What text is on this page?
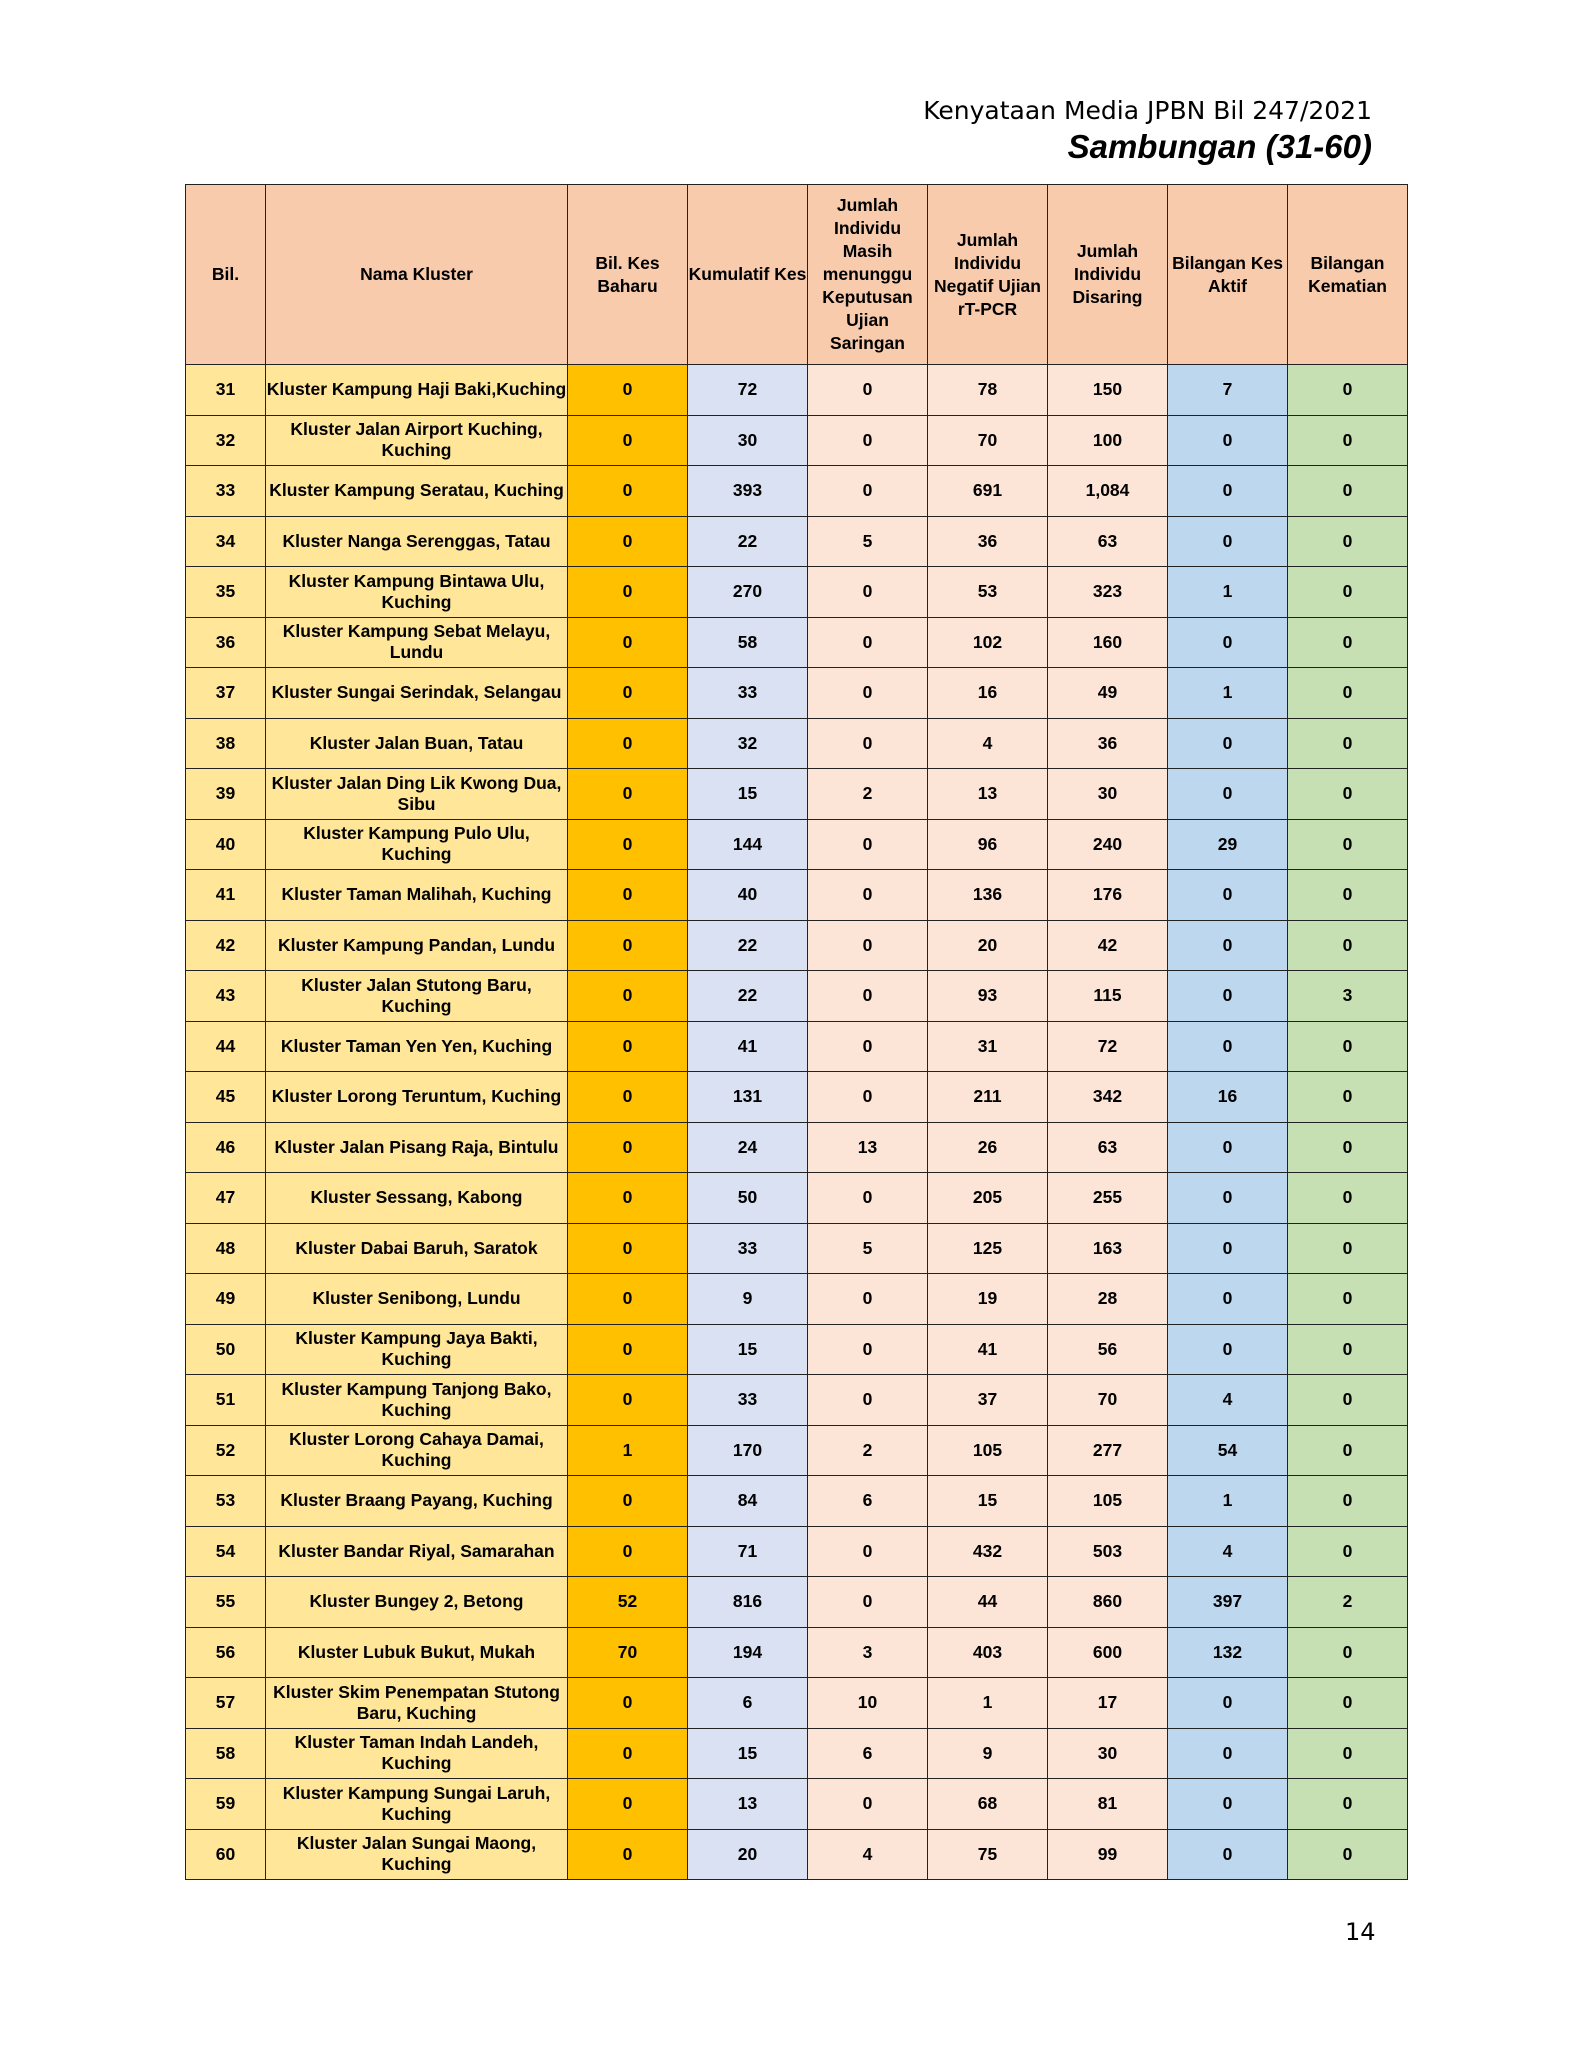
Kenyataan Media JPBN Bil 247/2021
Sambungan (31-60)
Bil.	Nama Kluster	Bil. Kes Baharu	Kumulatif Kes	Jumlah Individu Masih menunggu Keputusan Ujian Saringan	Jumlah Individu Negatif Ujian rT-PCR	Jumlah Individu Disaring	Bilangan Kes Aktif	Bilangan Kematian
31	Kluster Kampung Haji Baki,Kuching	0	72	0	78	150	7	0
32	Kluster Jalan Airport Kuching, Kuching	0	30	0	70	100	0	0
33	Kluster Kampung Seratau, Kuching	0	393	0	691	1,084	0	0
34	Kluster Nanga Serenggas, Tatau	0	22	5	36	63	0	0
35	Kluster Kampung Bintawa Ulu, Kuching	0	270	0	53	323	1	0
36	Kluster Kampung Sebat Melayu, Lundu	0	58	0	102	160	0	0
37	Kluster Sungai Serindak, Selangau	0	33	0	16	49	1	0
38	Kluster Jalan Buan, Tatau	0	32	0	4	36	0	0
39	Kluster Jalan Ding Lik Kwong Dua, Sibu	0	15	2	13	30	0	0
40	Kluster Kampung Pulo Ulu, Kuching	0	144	0	96	240	29	0
41	Kluster Taman Malihah, Kuching	0	40	0	136	176	0	0
42	Kluster Kampung Pandan, Lundu	0	22	0	20	42	0	0
43	Kluster Jalan Stutong Baru, Kuching	0	22	0	93	115	0	3
44	Kluster Taman Yen Yen, Kuching	0	41	0	31	72	0	0
45	Kluster Lorong Teruntum, Kuching	0	131	0	211	342	16	0
46	Kluster Jalan Pisang Raja, Bintulu	0	24	13	26	63	0	0
47	Kluster Sessang, Kabong	0	50	0	205	255	0	0
48	Kluster Dabai Baruh, Saratok	0	33	5	125	163	0	0
49	Kluster Senibong, Lundu	0	9	0	19	28	0	0
50	Kluster Kampung Jaya Bakti, Kuching	0	15	0	41	56	0	0
51	Kluster Kampung Tanjong Bako, Kuching	0	33	0	37	70	4	0
52	Kluster Lorong Cahaya Damai, Kuching	1	170	2	105	277	54	0
53	Kluster Braang Payang, Kuching	0	84	6	15	105	1	0
54	Kluster Bandar Riyal, Samarahan	0	71	0	432	503	4	0
55	Kluster Bungey 2, Betong	52	816	0	44	860	397	2
56	Kluster Lubuk Bukut, Mukah	70	194	3	403	600	132	0
57	Kluster Skim Penempatan Stutong Baru, Kuching	0	6	10	1	17	0	0
58	Kluster Taman Indah Landeh, Kuching	0	15	6	9	30	0	0
59	Kluster Kampung Sungai Laruh, Kuching	0	13	0	68	81	0	0
60	Kluster Jalan Sungai Maong, Kuching	0	20	4	75	99	0	0
14
